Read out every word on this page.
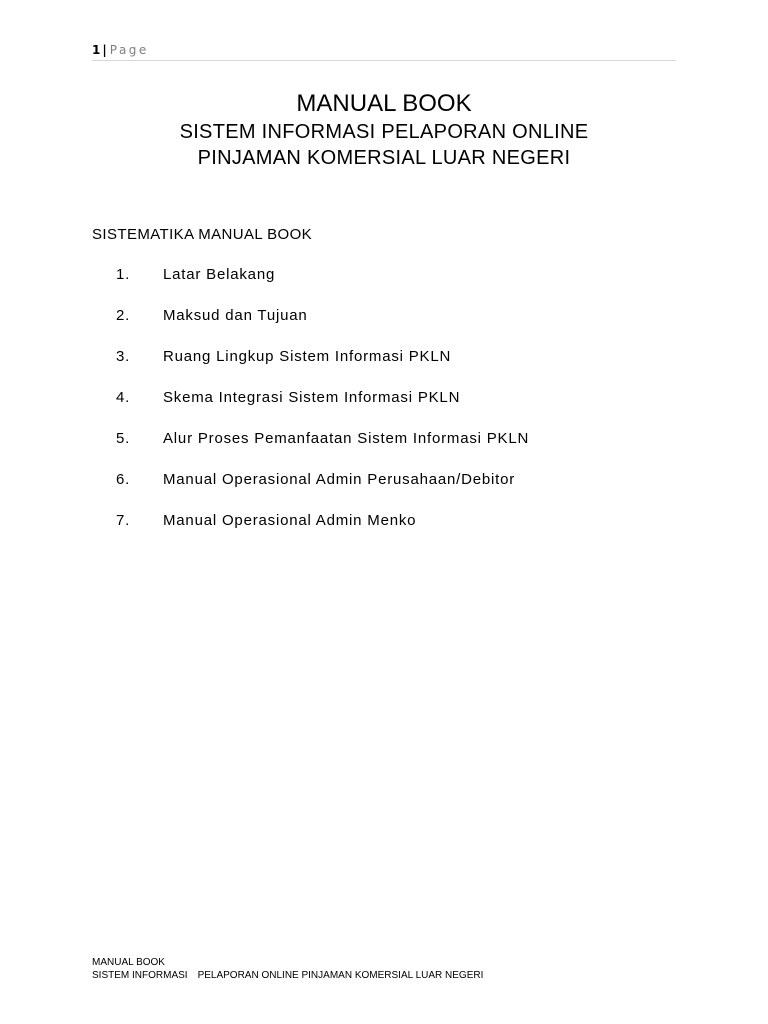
1 | Page
MANUAL BOOK
SISTEM INFORMASI PELAPORAN ONLINE
PINJAMAN KOMERSIAL LUAR NEGERI
SISTEMATIKA MANUAL BOOK
1. Latar Belakang
2. Maksud dan Tujuan
3. Ruang Lingkup Sistem Informasi PKLN
4. Skema Integrasi Sistem Informasi PKLN
5. Alur Proses Pemanfaatan Sistem Informasi PKLN
6. Manual Operasional Admin Perusahaan/Debitor
7. Manual Operasional Admin Menko
MANUAL BOOK
SISTEM INFORMASI PELAPORAN ONLINE PINJAMAN KOMERSIAL LUAR NEGERI
